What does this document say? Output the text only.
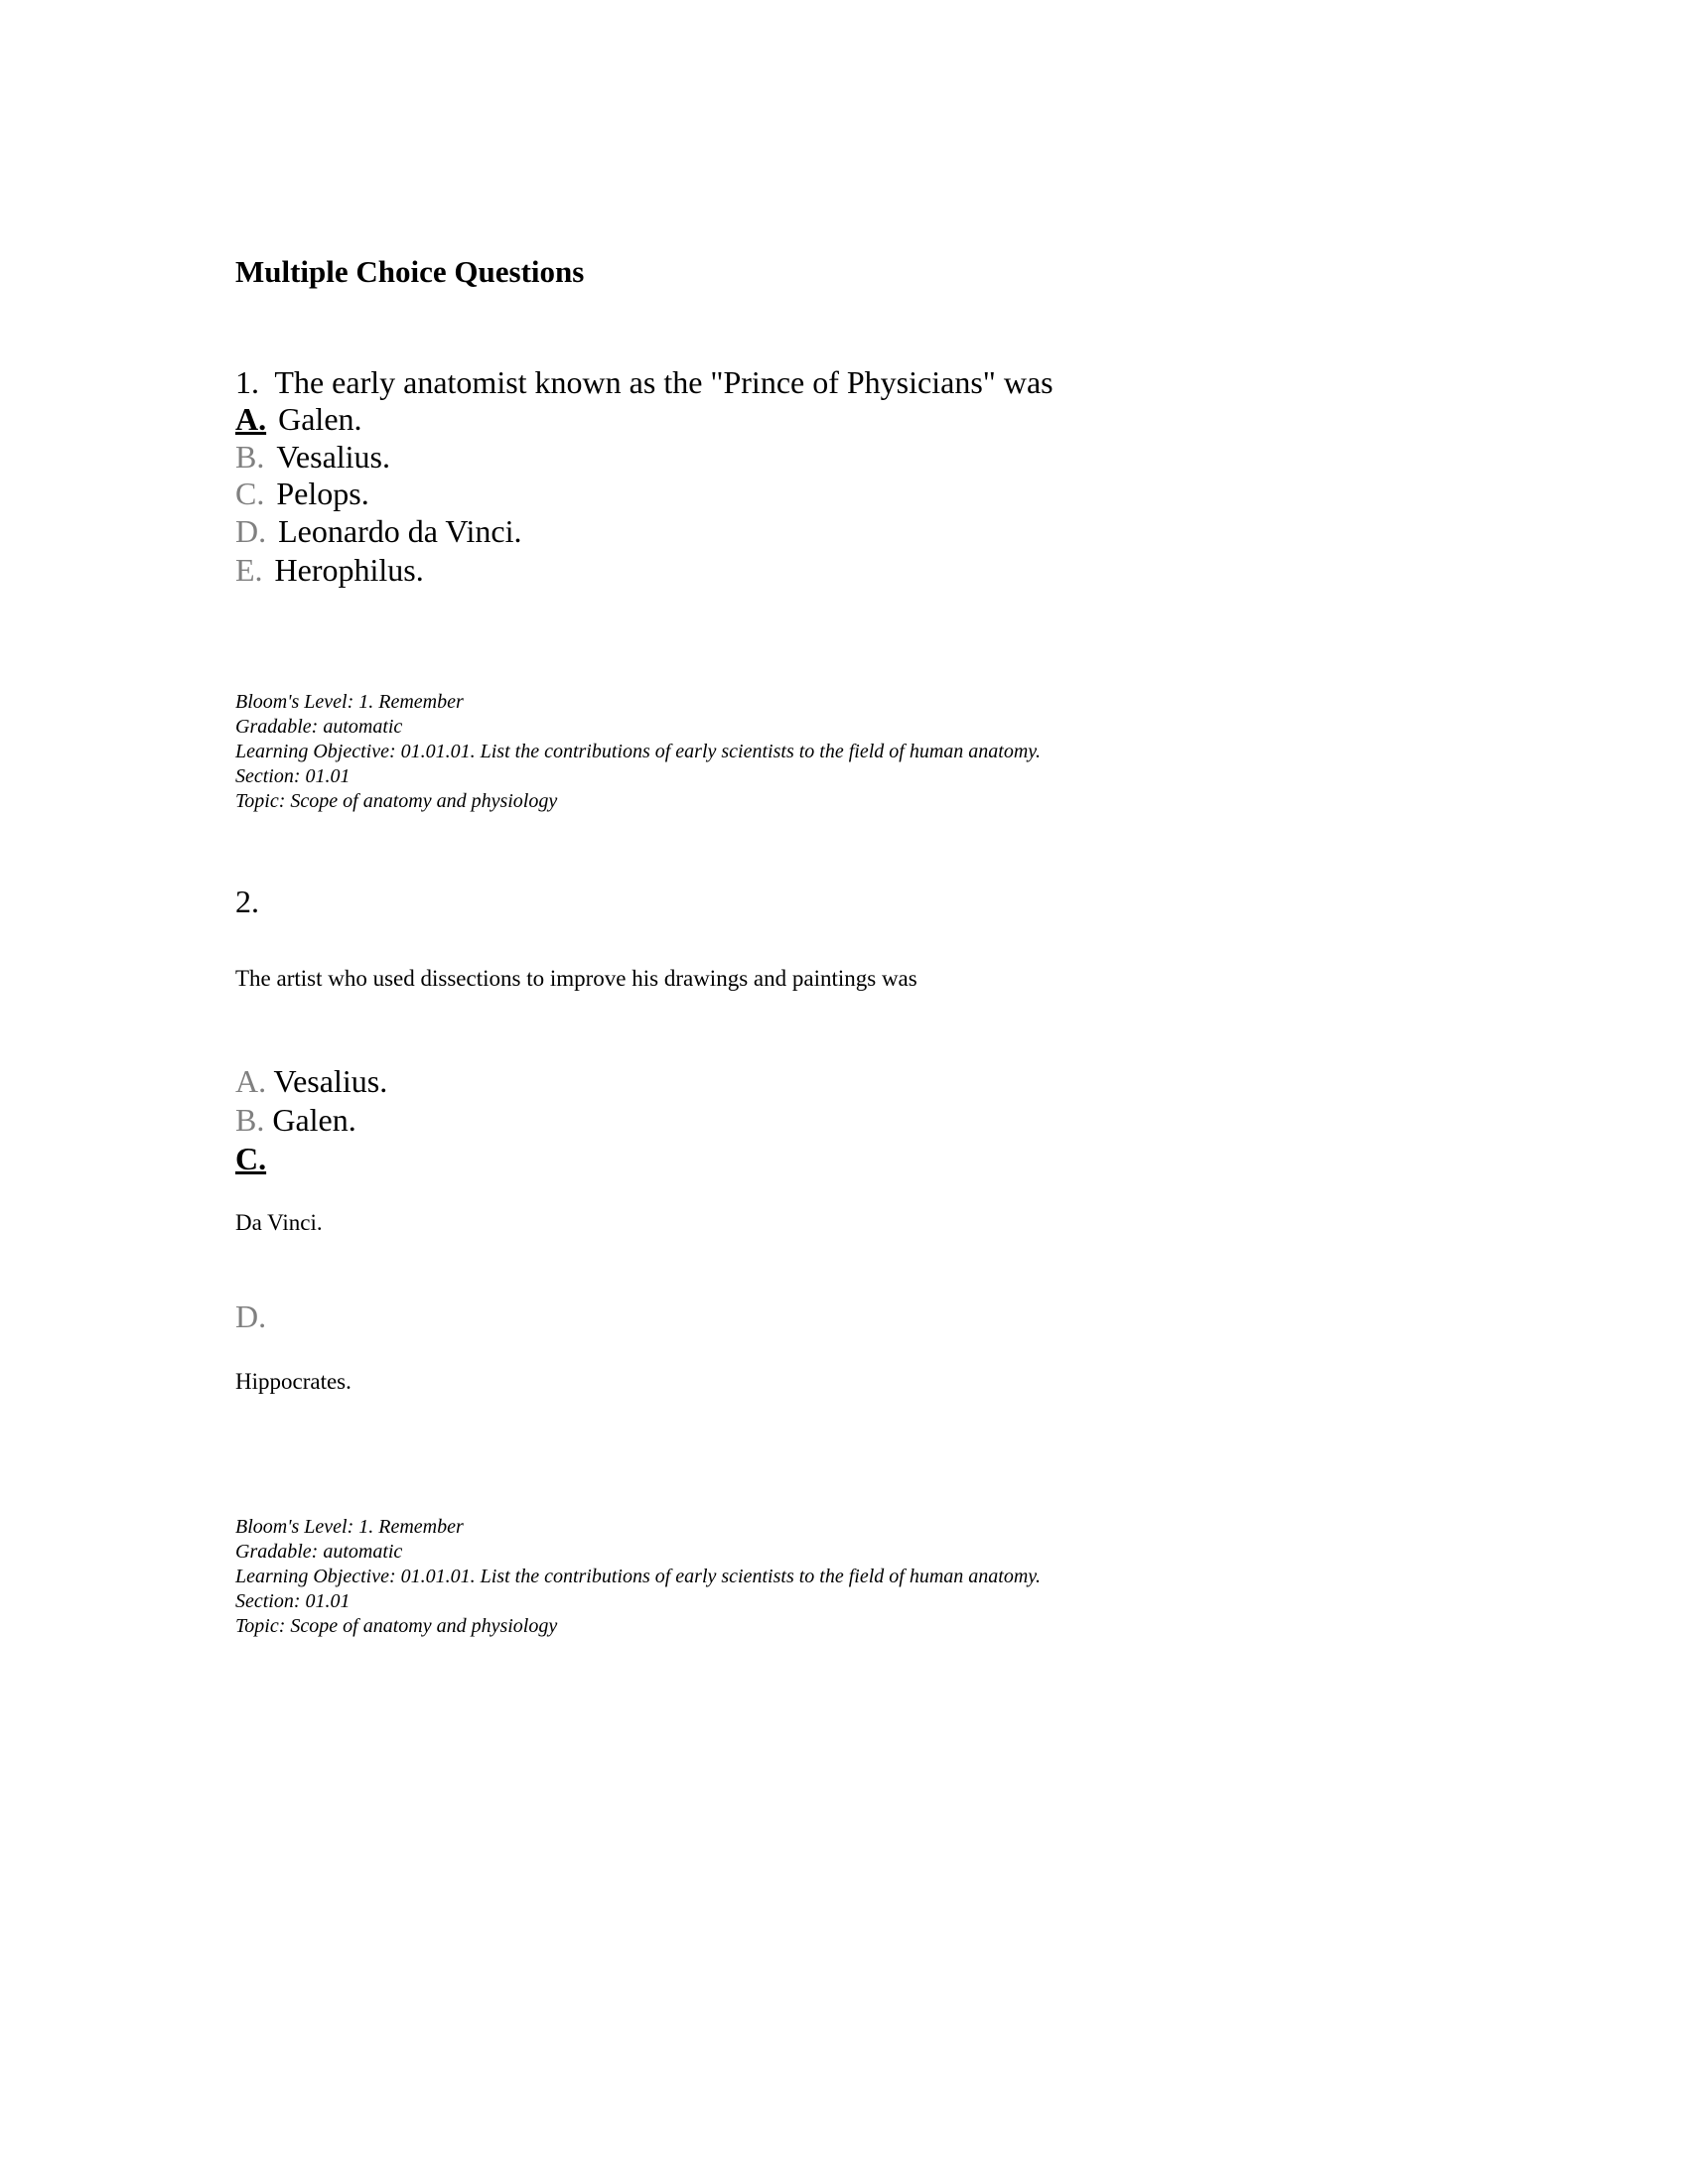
Multiple Choice Questions
1. The early anatomist known as the "Prince of Physicians" was
A. Galen.
B. Vesalius.
C. Pelops.
D. Leonardo da Vinci.
E. Herophilus.
Bloom's Level: 1. Remember
Gradable: automatic
Learning Objective: 01.01.01. List the contributions of early scientists to the field of human anatomy.
Section: 01.01
Topic: Scope of anatomy and physiology
2.
The artist who used dissections to improve his drawings and paintings was
A. Vesalius.
B. Galen.
C.
Da Vinci.
D.
Hippocrates.
Bloom's Level: 1. Remember
Gradable: automatic
Learning Objective: 01.01.01. List the contributions of early scientists to the field of human anatomy.
Section: 01.01
Topic: Scope of anatomy and physiology
